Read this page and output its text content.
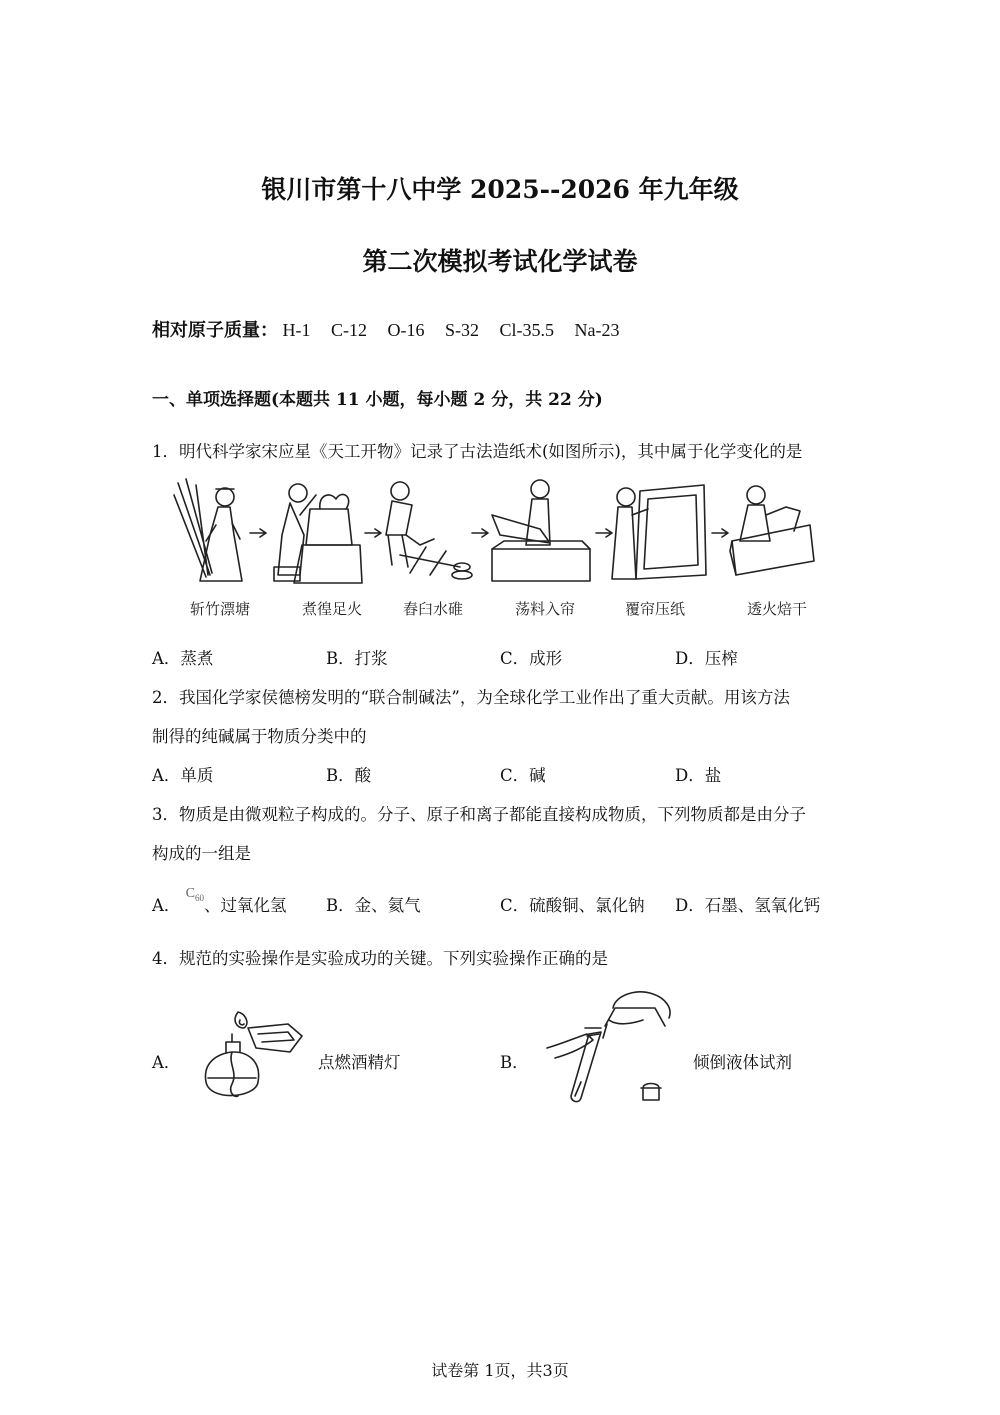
银川市第十八中学 2025--2026 年九年级
第二次模拟考试化学试卷
相对原子质量： H-1 C-12 O-16 S-32 Cl-35.5 Na-23
一、单项选择题(本题共 11 小题，每小题 2 分，共 22 分)
1．明代科学家宋应星《天工开物》记录了古法造纸术(如图所示)，其中属于化学变化的是
斩竹漂塘	煮徨足火	舂臼水碓	荡料入帘	覆帘压纸	透火焙干
A．蒸煮	B．打浆	C．成形	D．压榨
2．我国化学家侯德榜发明的“联合制碱法”，为全球化学工业作出了重大贡献。用该方法
制得的纯碱属于物质分类中的
A．单质	B．酸	C．碱	D．盐
3．物质是由微观粒子构成的。分子、原子和离子都能直接构成物质，下列物质都是由分子
构成的一组是
A． $^{C_{60}}$、过氧化氢 B．金、氦气	C．硫酸铜、氯化钠 D．石墨、氢氧化钙
4．规范的实验操作是实验成功的关键。下列实验操作正确的是
A．	点燃酒精灯	B．	倾倒液体试剂
试卷第 1页，共3页
